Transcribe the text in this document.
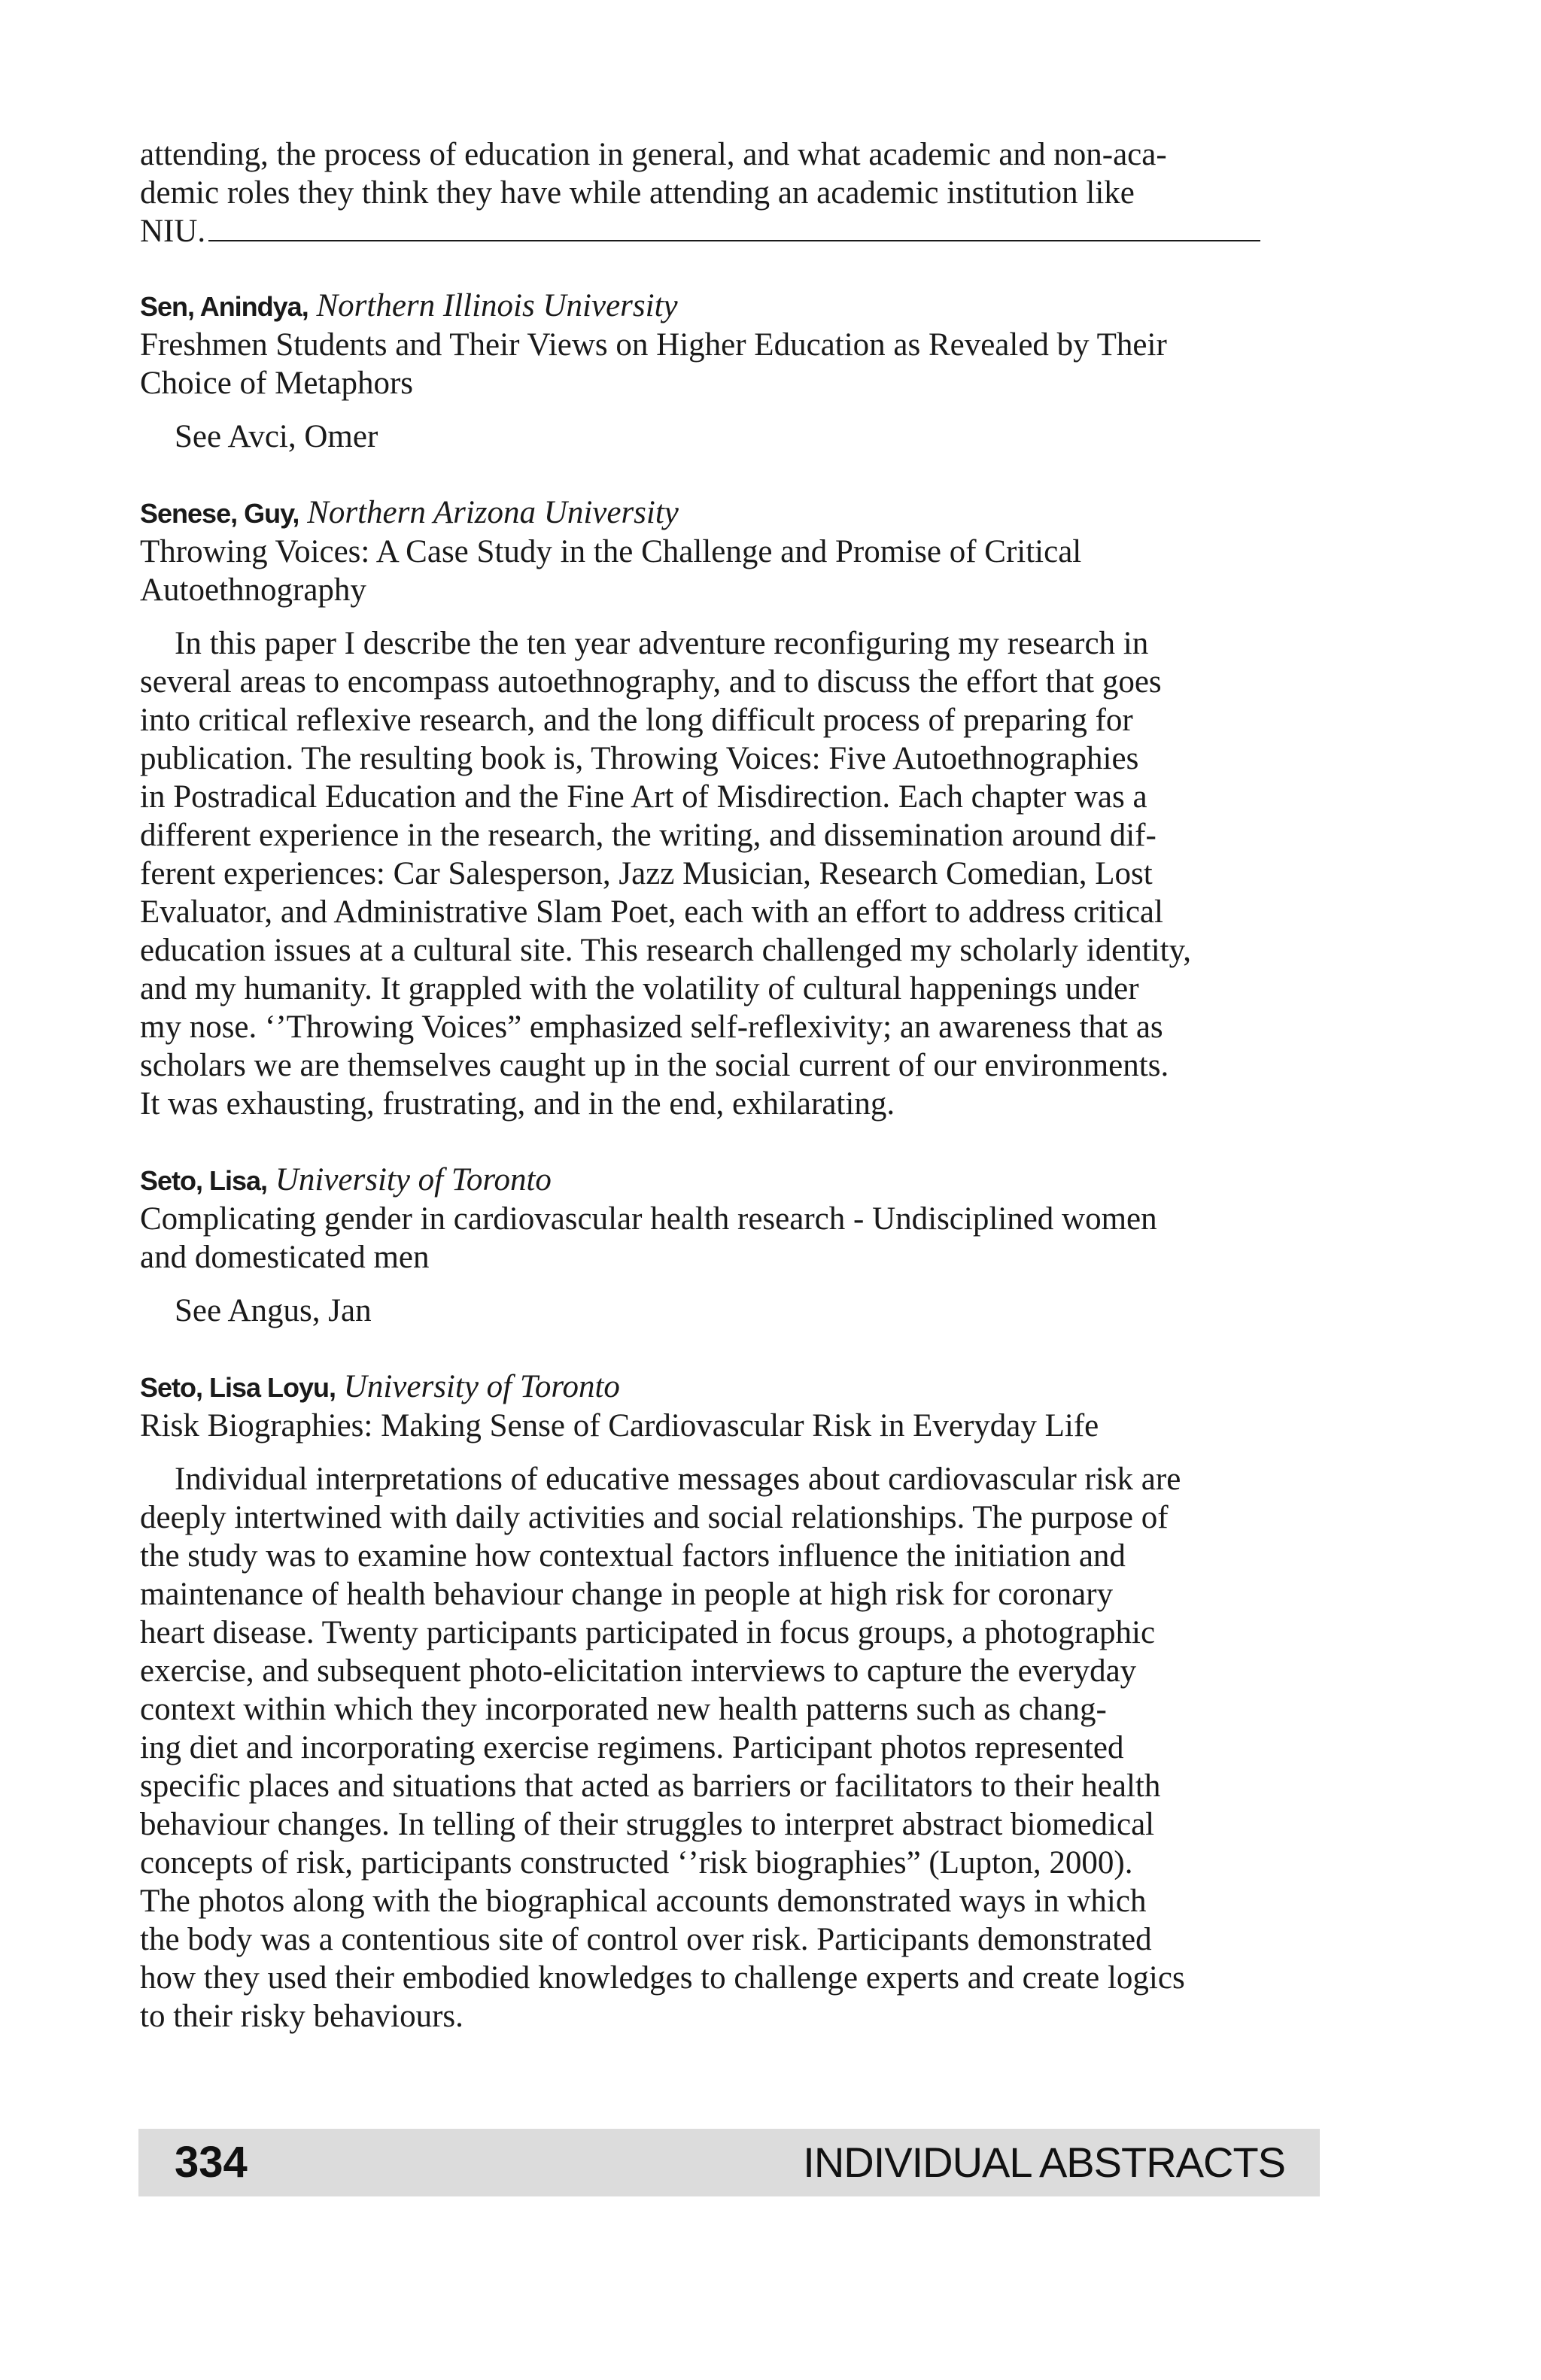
attending, the process of education in general, and what academic and non-aca-
demic roles they think they have while attending an academic institution like
NIU.
Sen, Anindya, Northern Illinois University
Freshmen Students and Their Views on Higher Education as Revealed by Their
Choice of Metaphors
See Avci, Omer
Senese, Guy, Northern Arizona University
Throwing Voices: A Case Study in the Challenge and Promise of Critical
Autoethnography
In this paper I describe the ten year adventure reconfiguring my research in
several areas to encompass autoethnography, and to discuss the effort that goes
into critical reflexive research, and the long difficult process of preparing for
publication. The resulting book is, Throwing Voices: Five Autoethnographies
in Postradical Education and the Fine Art of Misdirection. Each chapter was a
different experience in the research, the writing, and dissemination around dif-
ferent experiences: Car Salesperson, Jazz Musician, Research Comedian, Lost
Evaluator, and Administrative Slam Poet, each with an effort to address critical
education issues at a cultural site. This research challenged my scholarly identity,
and my humanity. It grappled with the volatility of cultural happenings under
my nose. ‘’Throwing Voices” emphasized self-reflexivity; an awareness that as
scholars we are themselves caught up in the social current of our environments.
It was exhausting, frustrating, and in the end, exhilarating.
Seto, Lisa, University of Toronto
Complicating gender in cardiovascular health research - Undisciplined women
and domesticated men
See Angus, Jan
Seto, Lisa Loyu, University of Toronto
Risk Biographies: Making Sense of Cardiovascular Risk in Everyday Life
Individual interpretations of educative messages about cardiovascular risk are
deeply intertwined with daily activities and social relationships. The purpose of
the study was to examine how contextual factors influence the initiation and
maintenance of health behaviour change in people at high risk for coronary
heart disease. Twenty participants participated in focus groups, a photographic
exercise, and subsequent photo-elicitation interviews to capture the everyday
context within which they incorporated new health patterns such as chang-
ing diet and incorporating exercise regimens. Participant photos represented
specific places and situations that acted as barriers or facilitators to their health
behaviour changes. In telling of their struggles to interpret abstract biomedical
concepts of risk, participants constructed ‘’risk biographies” (Lupton, 2000).
The photos along with the biographical accounts demonstrated ways in which
the body was a contentious site of control over risk. Participants demonstrated
how they used their embodied knowledges to challenge experts and create logics
to their risky behaviours.
334	INDIVIDUAL ABSTRACTS
